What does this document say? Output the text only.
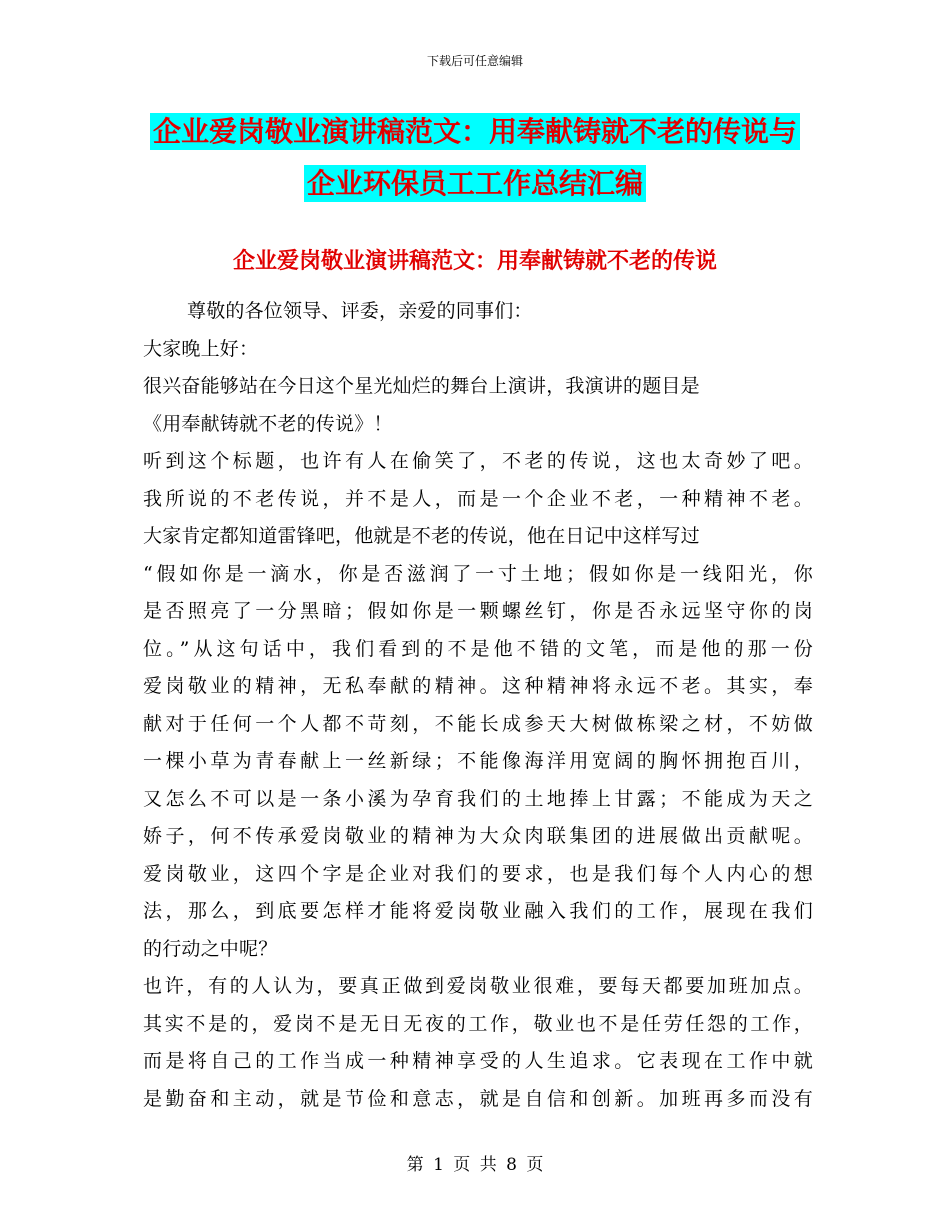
下载后可任意编辑
企业爱岗敬业演讲稿范文：用奉献铸就不老的传说与
企业环保员工工作总结汇编
企业爱岗敬业演讲稿范文：用奉献铸就不老的传说
尊敬的各位领导、评委，亲爱的同事们：
大家晚上好：
很兴奋能够站在今日这个星光灿烂的舞台上演讲，我演讲的题目是
《用奉献铸就不老的传说》！
听到这个标题，也许有人在偷笑了，不老的传说，这也太奇妙了吧。
我所说的不老传说，并不是人，而是一个企业不老，一种精神不老。
大家肯定都知道雷锋吧，他就是不老的传说，他在日记中这样写过
“假如你是一滴水，你是否滋润了一寸土地；假如你是一线阳光，你
是否照亮了一分黑暗；假如你是一颗螺丝钉，你是否永远坚守你的岗
位。”从这句话中，我们看到的不是他不错的文笔，而是他的那一份
爱岗敬业的精神，无私奉献的精神。这种精神将永远不老。其实，奉
献对于任何一个人都不苛刻，不能长成参天大树做栋梁之材，不妨做
一棵小草为青春献上一丝新绿；不能像海洋用宽阔的胸怀拥抱百川，
又怎么不可以是一条小溪为孕育我们的土地捧上甘露；不能成为天之
娇子，何不传承爱岗敬业的精神为大众肉联集团的进展做出贡献呢。
爱岗敬业，这四个字是企业对我们的要求，也是我们每个人内心的想
法，那么，到底要怎样才能将爱岗敬业融入我们的工作，展现在我们
的行动之中呢？
也许，有的人认为，要真正做到爱岗敬业很难，要每天都要加班加点。
其实不是的，爱岗不是无日无夜的工作，敬业也不是任劳任怨的工作，
而是将自己的工作当成一种精神享受的人生追求。它表现在工作中就
是勤奋和主动，就是节俭和意志，就是自信和创新。加班再多而没有
第 1 页 共 8 页
